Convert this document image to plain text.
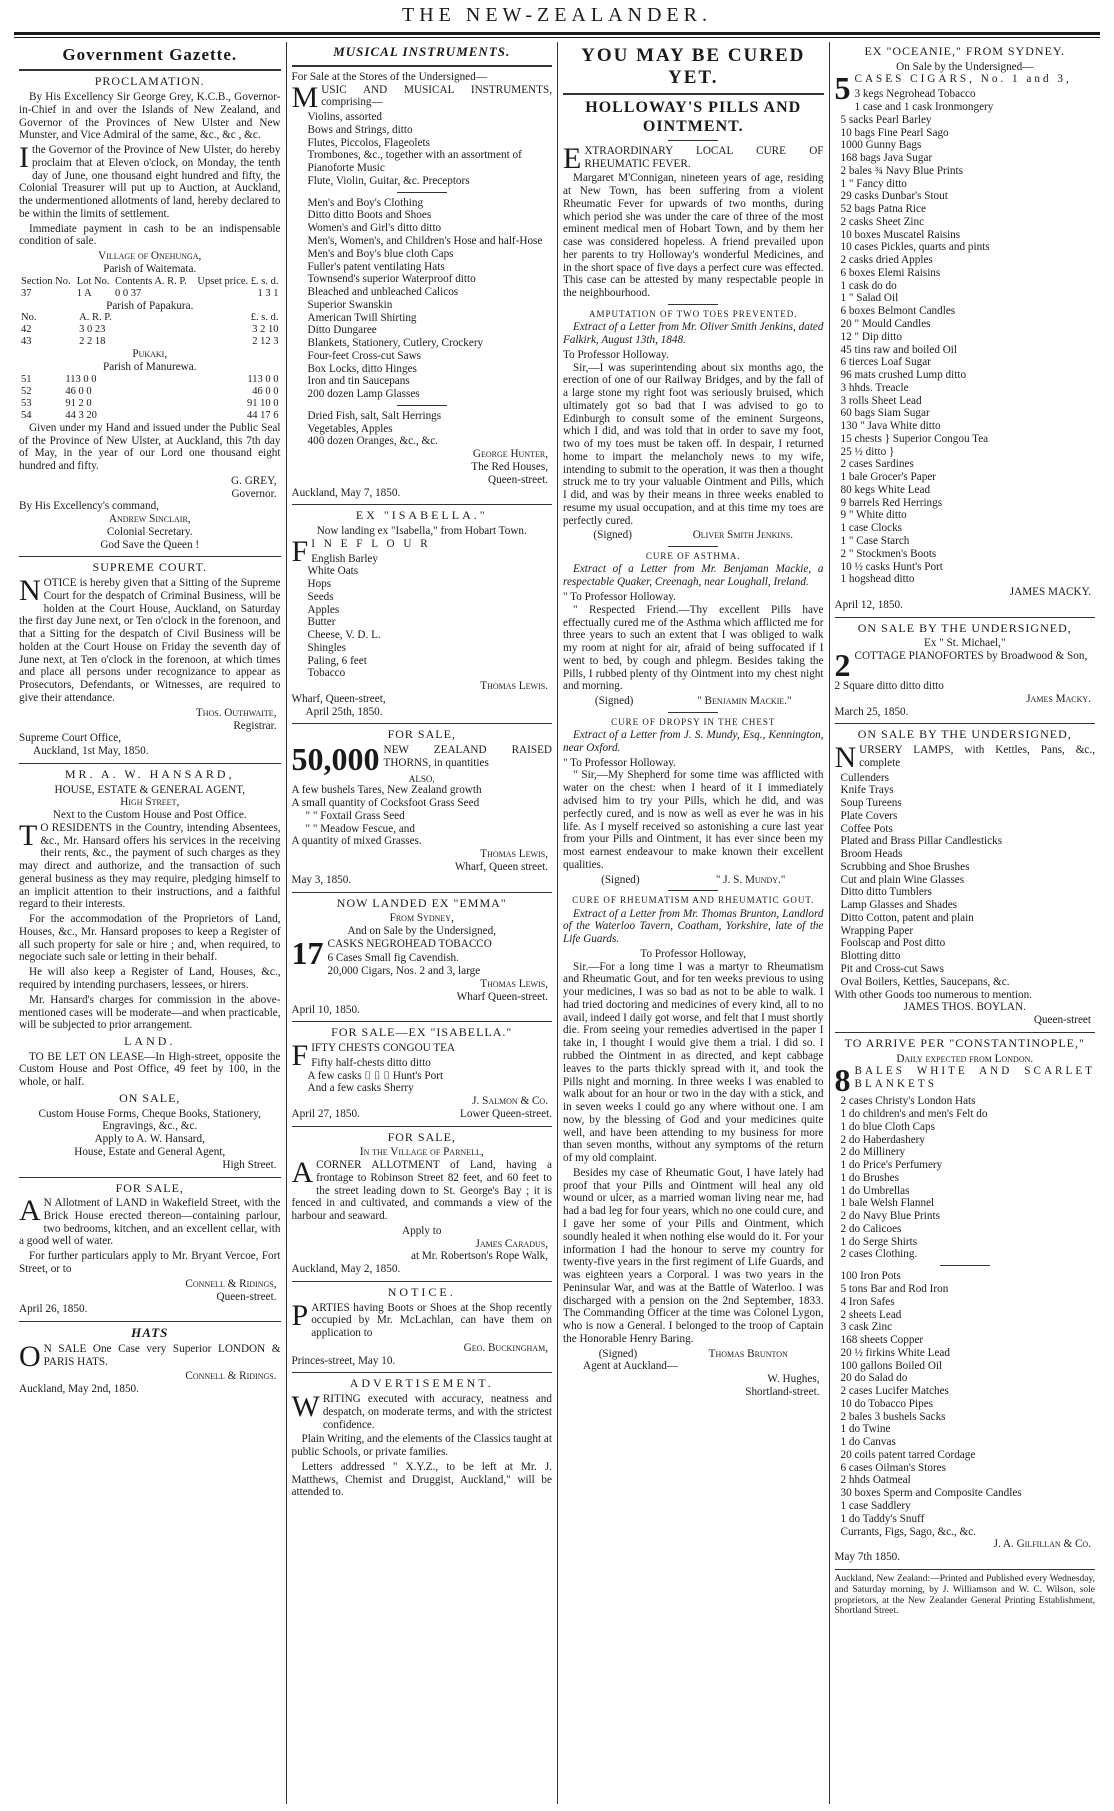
THE NEW-ZEALANDER.
Government Gazette.
PROCLAMATION.

By His Excellency Sir George Grey, K.C.B., Governor-in-Chief in and over the Islands of New Zealand, and Governor of the Provinces of New Ulster and New Munster, and Vice Admiral of the same, &c., &c , &c.

Ithe Governor of the Province of New Ulster, do hereby proclaim that at Eleven o'clock, on Monday, the tenth day of June, one thousand eight hundred and fifty, the Colonial Treasurer will put up to Auction, at Auckland, the undermentioned allotments of land, hereby declared to be within the limits of settlement.

Immediate payment in cash to be an indispensable condition of sale.

Village of Onehunga,
Parish of Waitemata.
Section No.	Lot No.	Contents A. R. P.	Upset price. £. s. d.
37	1 A	0 0 37	1 3 1
Parish of Papakura.
No.	A. R. P.	£. s. d.
42	3 0 23	3 2 10
43	2 2 18	2 12 3
Pukaki,
Parish of Manurewa.
51	113 0 0	113 0 0
52	46 0 0	46 0 0
53	91 2 0	91 10 0
54	44 3 20	44 17 6

Given under my Hand and issued under the Public Seal of the Province of New Ulster, at Auckland, this 7th day of May, in the year of our Lord one thousand eight hundred and fifty.

G. GREY,
Governor.
By His Excellency's command,
Andrew Sinclair,
Colonial Secretary.
God Save the Queen !
SUPREME COURT.

NOTICE is hereby given that a Sitting of the Supreme Court for the despatch of Criminal Business, will be holden at the Court House, Auckland, on Saturday the first day June next, or Ten o'clock in the forenoon, and that a Sitting for the despatch of Civil Business will be holden at the Court House on Friday the seventh day of June next, at Ten o'clock in the forenoon, at which times and place all persons under recognizance to appear as Prosecutors, Defendants, or Witnesses, are required to give their attendance.

Thos. Outhwaite,
Registrar.
Supreme Court Office,
Auckland, 1st May, 1850.
MR. A. W. HANSARD,
HOUSE, ESTATE & GENERAL AGENT,
High Street,
Next to the Custom House and Post Office.

T O RESIDENTS in the Country, intending Absentees, &c., Mr. Hansard offers his services in the receiving their rents, &c., the payment of such charges as they may direct and authorize, and the transaction of such general business as they may require, pledging himself to an implicit attention to their instructions, and a faithful regard to their interests.

For the accommodation of the Proprietors of Land, Houses, &c., Mr. Hansard proposes to keep a Register of all such property for sale or hire ; and, when required, to negociate such sale or letting in their behalf.

He will also keep a Register of Land, Houses, &c., required by intending purchasers, lessees, or hirers.

Mr. Hansard's charges for commission in the above-mentioned cases will be moderate—and when practicable, will be subjected to prior arrangement.

LAND.

TO BE LET ON LEASE—In High-street, opposite the Custom House and Post Office, 49 feet by 100, in the whole, or half.

ON SALE,
Custom House Forms, Cheque Books, Stationery, Engravings, &c., &c.
Apply to A. W. Hansard,
House, Estate and General Agent,
High Street.
FOR SALE,

A N Allotment of LAND in Wakefield Street, with the Brick House erected thereon—containing parlour, two bedrooms, kitchen, and an excellent cellar, with a good well of water.

For further particulars apply to Mr. Bryant Vercoe, Fort Street, or to

Connell & Ridings,
Queen-street.
April 26, 1850.
HATS

O N SALE One Case very Superior LONDON & PARIS HATS.

Connell & Ridings.
Auckland, May 2nd, 1850.
MUSICAL INSTRUMENTS.
For Sale at the Stores of the Undersigned—

MUSIC AND MUSICAL INSTRUMENTS, comprising—

Violins, assorted
Bows and Strings, ditto
Flutes, Piccolos, Flageolets
Trombones, &c., together with an assortment of Pianoforte Music
Flute, Violin, Guitar, &c. Preceptors
Men's and Boy's Clothing
Ditto ditto Boots and Shoes
Women's and Girl's ditto ditto
Men's, Women's, and Children's Hose and half-Hose
Men's and Boy's blue cloth Caps
Fuller's patent ventilating Hats
Townsend's superior Waterproof ditto
Bleached and unbleached Calicos
Superior Swanskin
American Twill Shirting
Ditto Dungaree
Blankets, Stationery, Cutlery, Crockery
Four-feet Cross-cut Saws
Box Locks, ditto Hinges
Iron and tin Saucepans
200 dozen Lamp Glasses
Dried Fish, salt, Salt Herrings
Vegetables, Apples
400 dozen Oranges, &c., &c.
George Hunter,
The Red Houses,
Queen-street.
Auckland, May 7, 1850.
EX "ISABELLA."
Now landing ex "Isabella," from Hobart Town.

F I N E F L O U R

English Barley
White Oats
Hops
Seeds
Apples
Butter
Cheese, V. D. L.
Shingles
Paling, 6 feet
Tobacco
Thomas Lewis.
Wharf, Queen-street,
April 25th, 1850.
FOR SALE,

50,000 NEW ZEALAND RAISED THORNS, in quantities

ALSO,
A few bushels Tares, New Zealand growth
A small quantity of Cocksfoot Grass Seed
" " Foxtail Grass Seed
" " Meadow Fescue, and
A quantity of mixed Grasses.
Thomas Lewis,
Wharf, Queen street.
May 3, 1850.
NOW LANDED EX "EMMA"
From Sydney,
And on Sale by the Undersigned,

17 CASKS NEGROHEAD TOBACCO

6 Cases Small fig Cavendish.
20,000 Cigars, Nos. 2 and 3, large
Thomas Lewis,
Wharf Queen-street.
April 10, 1850.
FOR SALE—EX "ISABELLA."

FIFTY CHESTS CONGOU TEA

Fifty half-chests ditto ditto
A few casks ⌷ ⌷ ⌷ Hunt's Port
And a few casks Sherry
J. Salmon & Co.
April 27, 1850.	Lower Queen-street.
FOR SALE,
In the Village of Parnell,

ACORNER ALLOTMENT of Land, having a frontage to Robinson Street 82 feet, and 60 feet to the street leading down to St. George's Bay ; it is fenced in and cultivated, and commands a view of the harbour and seaward.

Apply to
James Caradus,
at Mr. Robertson's Rope Walk,
Auckland, May 2, 1850.
NOTICE.

PARTIES having Boots or Shoes at the Shop recently occupied by Mr. McLachlan, can have them on application to

Geo. Buckingham,
Princes-street, May 10.
ADVERTISEMENT.

WRITING executed with accuracy, neatness and despatch, on moderate terms, and with the strictest confidence.

Plain Writing, and the elements of the Classics taught at public Schools, or private families.

Letters addressed " X.Y.Z., to be left at Mr. J. Matthews, Chemist and Druggist, Auckland," will be attended to.

YOU MAY BE CURED YET.
HOLLOWAY'S PILLS AND OINTMENT.

EXTRAORDINARY LOCAL CURE OF RHEUMATIC FEVER.

Margaret M'Connigan, nineteen years of age, residing at New Town, has been suffering from a violent Rheumatic Fever for upwards of two months, during which period she was under the care of three of the most eminent medical men of Hobart Town, and by them her case was considered hopeless. A friend prevailed upon her parents to try Holloway's wonderful Medicines, and in the short space of five days a perfect cure was effected. This case can be attested by many respectable people in the neighbourhood.

AMPUTATION OF TWO TOES PREVENTED.

Extract of a Letter from Mr. Oliver Smith Jenkins, dated Falkirk, August 13th, 1848.

To Professor Holloway.

Sir,—I was superintending about six months ago, the erection of one of our Railway Bridges, and by the fall of a large stone my right foot was seriously bruised, which ultimately got so bad that I was advised to go to Edinburgh to consult some of the eminent Surgeons, which I did, and was told that in order to save my foot, two of my toes must be taken off. In despair, I returned home to impart the melancholy news to my wife, intending to submit to the operation, it was then a thought struck me to try your valuable Ointment and Pills, which I did, and was by their means in three weeks enabled to resume my usual occupation, and at this time my toes are perfectly cured.

(Signed)	Oliver Smith Jenkins.
CURE OF ASTHMA.

Extract of a Letter from Mr. Benjaman Mackie, a respectable Quaker, Creenagh, near Loughall, Ireland.

" To Professor Holloway.

" Respected Friend.—Thy excellent Pills have effectually cured me of the Asthma which afflicted me for three years to such an extent that I was obliged to walk my room at night for air, afraid of being suffocated if I went to bed, by cough and phlegm. Besides taking the Pills, I rubbed plenty of thy Ointment into my chest night and morning.

(Signed)	" Benjamin Mackie."
CURE OF DROPSY IN THE CHEST

Extract of a Letter from J. S. Mundy, Esq., Kennington, near Oxford.

" To Professor Holloway.

" Sir,—My Shepherd for some time was afflicted with water on the chest: when I heard of it I immediately advised him to try your Pills, which he did, and was perfectly cured, and is now as well as ever he was in his life. As I myself received so astonishing a cure last year from your Pills and Ointment, it has ever since been my most earnest endeavour to make known their excellent qualities.

(Signed)	" J. S. Mundy."
CURE OF RHEUMATISM AND RHEUMATIC GOUT.

Extract of a Letter from Mr. Thomas Brunton, Landlord of the Waterloo Tavern, Coatham, Yorkshire, late of the Life Guards.

To Professor Holloway,

Sir.—For a long time I was a martyr to Rheumatism and Rheumatic Gout, and for ten weeks previous to using your medicines, I was so bad as not to be able to walk. I had tried doctoring and medicines of every kind, all to no avail, indeed I daily got worse, and felt that I must shortly die. From seeing your remedies advertised in the paper I take in, I thought I would give them a trial. I did so. I rubbed the Ointment in as directed, and kept cabbage leaves to the parts thickly spread with it, and took the Pills night and morning. In three weeks I was enabled to walk about for an hour or two in the day with a stick, and in seven weeks I could go any where without one. I am now, by the blessing of God and your medicines quite well, and have been attending to my business for more than seven months, without any symptoms of the return of my old complaint.

Besides my case of Rheumatic Gout, I have lately had proof that your Pills and Ointment will heal any old wound or ulcer, as a married woman living near me, had had a bad leg for four years, which no one could cure, and I gave her some of your Pills and Ointment, which soundly healed it when nothing else would do it. For your information I had the honour to serve my country for twenty-five years in the first regiment of Life Guards, and was eighteen years a Corporal. I was two years in the Peninsular War, and was at the Battle of Waterloo. I was discharged with a pension on the 2nd September, 1833. The Commanding Officer at the time was Colonel Lygon, who is now a General. I belonged to the troop of Captain the Honorable Henry Baring.

(Signed)	Thomas Brunton
Agent at Auckland—
W. Hughes,
Shortland-street.
EX "OCEANIE," FROM SYDNEY.
On Sale by the Undersigned—

5 CASES CIGARS, No. 1 and 3,

3 kegs Negrohead Tobacco
1 case and 1 cask Ironmongery
5 sacks Pearl Barley
10 bags Fine Pearl Sago
1000 Gunny Bags
168 bags Java Sugar
2 bales ¾ Navy Blue Prints
1 " Fancy ditto
29 casks Dunbar's Stout
52 bags Patna Rice
2 casks Sheet Zinc
10 boxes Muscatel Raisins
10 cases Pickles, quarts and pints
2 casks dried Apples
6 boxes Elemi Raisins
1 cask do do
1 " Salad Oil
6 boxes Belmont Candles
20 " Mould Candles
12 " Dip ditto
45 tins raw and boiled Oil
6 tierces Loaf Sugar
96 mats crushed Lump ditto
3 hhds. Treacle
3 rolls Sheet Lead
60 bags Siam Sugar
130 " Java White ditto
15 chests } Superior Congou Tea
25 ½ ditto }
2 cases Sardines
1 bale Grocer's Paper
80 kegs White Lead
9 barrels Red Herrings
9 " White ditto
1 case Clocks
1 " Case Starch
2 " Stockmen's Boots
10 ½ casks Hunt's Port
1 hogshead ditto
JAMES MACKY.
April 12, 1850.
ON SALE BY THE UNDERSIGNED,
Ex " St. Michael,"

2 COTTAGE PIANOFORTES by Broadwood & Son,

2 Square ditto ditto ditto
James Macky.
March 25, 1850.
ON SALE BY THE UNDERSIGNED,

NURSERY LAMPS, with Kettles, Pans, &c., complete

Cullenders
Knife Trays
Soup Tureens
Plate Covers
Coffee Pots
Plated and Brass Pillar Candlesticks
Broom Heads
Scrubbing and Shoe Brushes
Cut and plain Wine Glasses
Ditto ditto Tumblers
Lamp Glasses and Shades
Ditto Cotton, patent and plain
Wrapping Paper
Foolscap and Post ditto
Blotting ditto
Pit and Cross-cut Saws
Oval Boilers, Kettles, Saucepans, &c.
With other Goods too numerous to mention.
JAMES THOS. BOYLAN.
Queen-street
TO ARRIVE PER "CONSTANTINOPLE,"
Daily expected from London.

8 BALES WHITE AND SCARLET BLANKETS

2 cases Christy's London Hats
1 do children's and men's Felt do
1 do blue Cloth Caps
2 do Haberdashery
2 do Millinery
1 do Price's Perfumery
1 do Brushes
1 do Umbrellas
1 bale Welsh Flannel
2 do Navy Blue Prints
2 do Calicoes
1 do Serge Shirts
2 cases Clothing.
100 Iron Pots
5 tons Bar and Rod Iron
4 Iron Safes
2 sheets Lead
3 cask Zinc
168 sheets Copper
20 ½ firkins White Lead
100 gallons Boiled Oil
20 do Salad do
2 cases Lucifer Matches
10 do Tobacco Pipes
2 bales 3 bushels Sacks
1 do Twine
1 do Canvas
20 coils patent tarred Cordage
6 cases Oilman's Stores
2 hhds Oatmeal
30 boxes Sperm and Composite Candles
1 case Saddlery
1 do Taddy's Snuff
Currants, Figs, Sago, &c., &c.
J. A. Gilfillan & Co.
May 7th 1850.
Auckland, New Zealand:—Printed and Published every Wednesday, and Saturday morning, by J. Williamson and W. C. Wilson, sole proprietors, at the New Zealander General Printing Establishment, Shortland Street.
